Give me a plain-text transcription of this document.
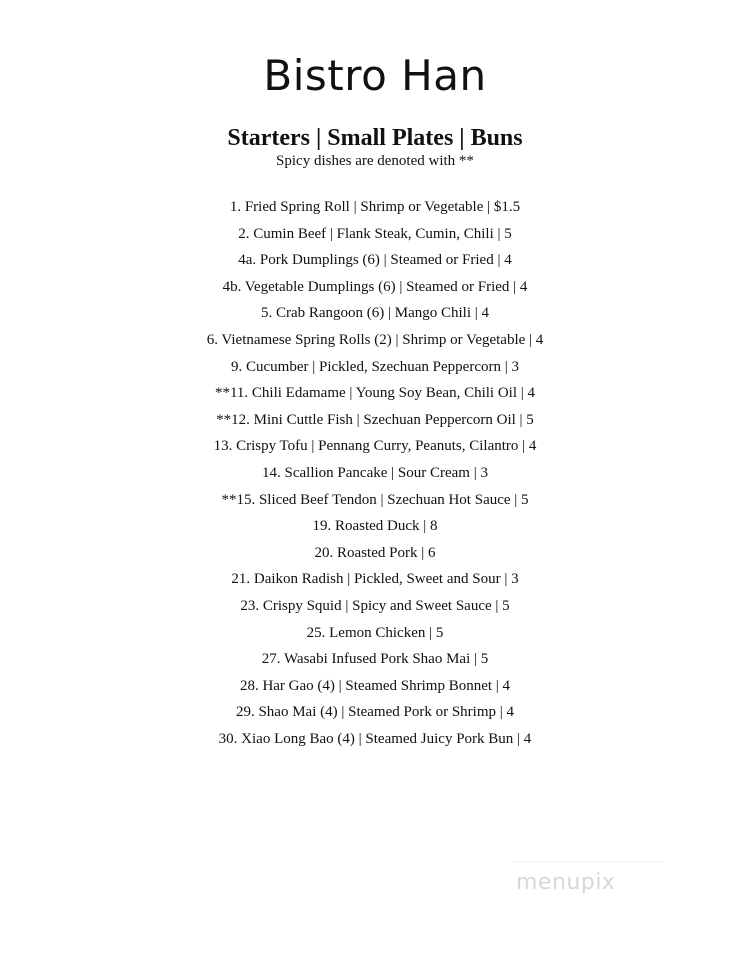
Bistro Han
Starters | Small Plates | Buns

Spicy dishes are denoted with **

1. Fried Spring Roll | Shrimp or Vegetable | $1.5
2. Cumin Beef | Flank Steak, Cumin, Chili | 5
4a. Pork Dumplings (6) | Steamed or Fried | 4
4b. Vegetable Dumplings (6) | Steamed or Fried | 4
5. Crab Rangoon (6) | Mango Chili | 4
6. Vietnamese Spring Rolls (2) | Shrimp or Vegetable | 4
9. Cucumber | Pickled, Szechuan Peppercorn | 3
**11. Chili Edamame | Young Soy Bean, Chili Oil | 4
**12. Mini Cuttle Fish | Szechuan Peppercorn Oil | 5
13. Crispy Tofu | Pennang Curry, Peanuts, Cilantro | 4
14. Scallion Pancake | Sour Cream | 3
**15. Sliced Beef Tendon | Szechuan Hot Sauce | 5
19. Roasted Duck | 8
20. Roasted Pork | 6
21. Daikon Radish | Pickled, Sweet and Sour | 3
23. Crispy Squid | Spicy and Sweet Sauce | 5
25. Lemon Chicken | 5
27. Wasabi Infused Pork Shao Mai | 5
28. Har Gao (4) | Steamed Shrimp Bonnet | 4
29. Shao Mai (4) | Steamed Pork or Shrimp | 4
30. Xiao Long Bao (4) | Steamed Juicy Pork Bun | 4
menupix
